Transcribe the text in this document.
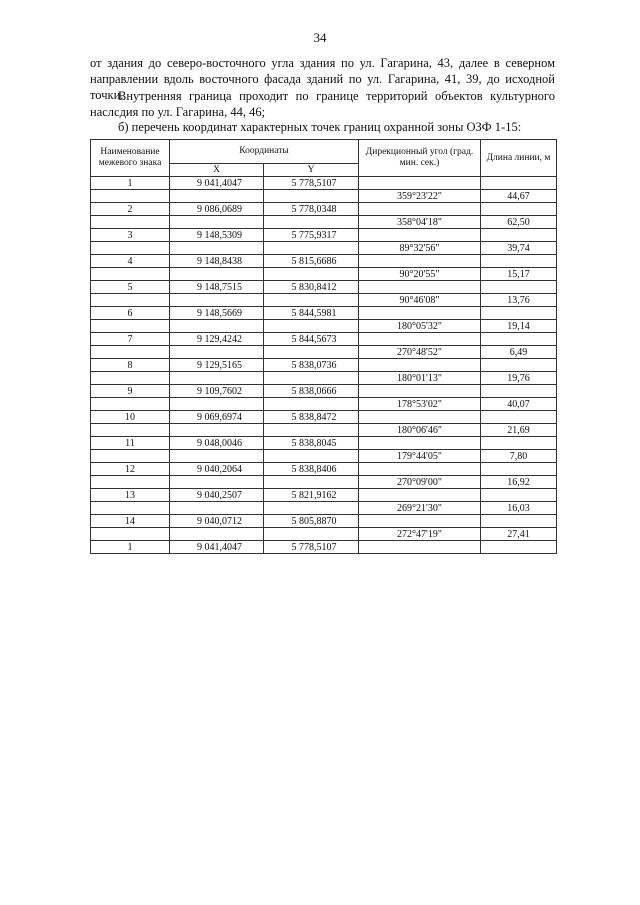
34
от здания до северо-восточного угла здания по ул. Гагарина, 43, далее в северном
направлении вдоль восточного фасада зданий по ул. Гагарина, 41, 39, до исходной точки.
Внутренняя граница проходит по границе территорий объектов культурного наслсдия по ул. Гагарина, 44, 46;
б) перечень координат характерных точек границ охранной зоны ОЗФ 1-15:
Наименование межевого знака	Координаты		Дирекционный угол (град. мин. сек.)	Длина линии, м
	X	Y		
1	9 041,4047	5 778,5107		
			359°23'22"	44,67
2	9 086,0689	5 778,0348		
			358°04'18"	62,50
3	9 148,5309	5 775,9317		
			89°32'56"	39,74
4	9 148,8438	5 815,6686		
			90°20'55"	15,17
5	9 148,7515	5 830,8412		
			90°46'08"	13,76
6	9 148,5669	5 844,5981		
			180°05'32"	19,14
7	9 129,4242	5 844,5673		
			270°48'52"	6,49
8	9 129,5165	5 838,0736		
			180°01'13"	19,76
9	9 109,7602	5 838,0666		
			178°53'02"	40,07
10	9 069,6974	5 838,8472		
			180°06'46"	21,69
11	9 048,0046	5 838,8045		
			179°44'05"	7,80
12	9 040,2064	5 838,8406		
			270°09'00"	16,92
13	9 040,2507	5 821,9162		
			269°21'30"	16,03
14	9 040,0712	5 805,8870		
			272°47'19"	27,41
1	9 041,4047	5 778,5107		
